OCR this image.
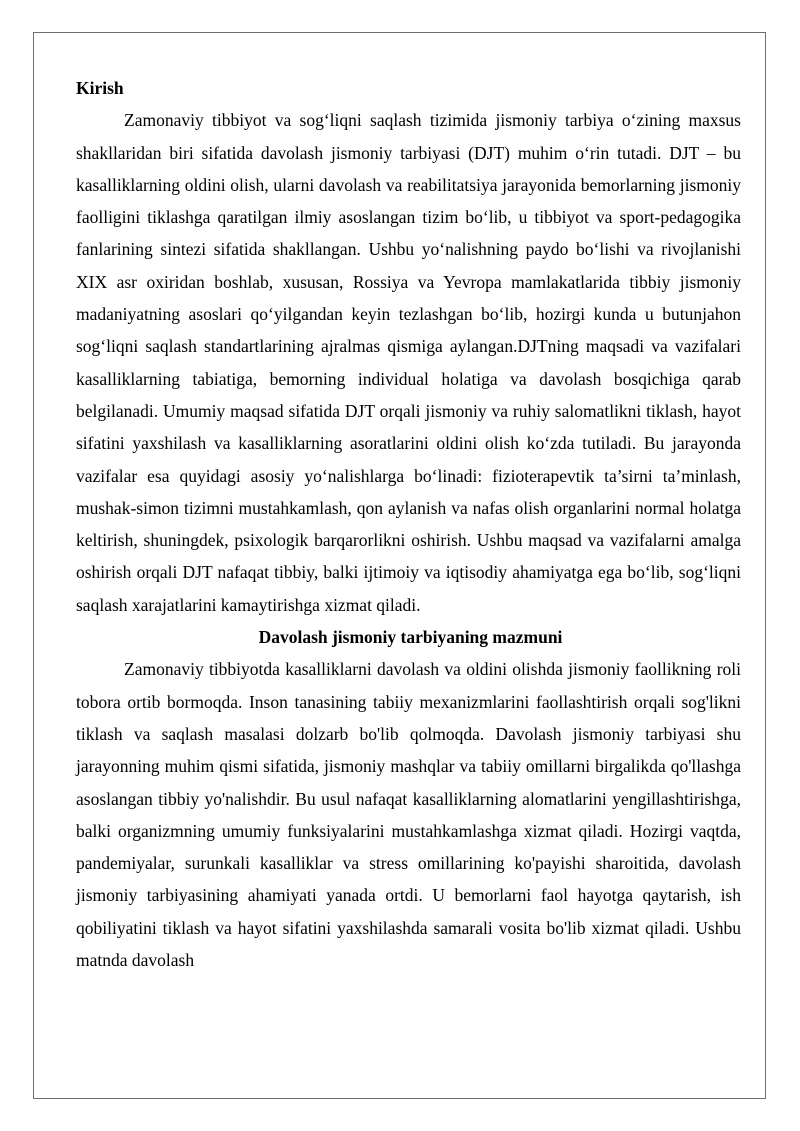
Kirish

Zamonaviy tibbiyot va sog‘liqni saqlash tizimida jismoniy tarbiya o‘zining maxsus shakllaridan biri sifatida davolash jismoniy tarbiyasi (DJT) muhim o‘rin tutadi. DJT – bu kasalliklarning oldini olish, ularni davolash va reabilitatsiya jarayonida bemorlarning jismoniy faolligini tiklashga qaratilgan ilmiy asoslangan tizim bo‘lib, u tibbiyot va sport-pedagogika fanlarining sintezi sifatida shakllangan. Ushbu yo‘nalishning paydo bo‘lishi va rivojlanishi XIX asr oxiridan boshlab, xususan, Rossiya va Yevropa mamlakatlarida tibbiy jismoniy madaniyatning asoslari qo‘yilgandan keyin tezlashgan bo‘lib, hozirgi kunda u butunjahon sog‘liqni saqlash standartlarining ajralmas qismiga aylangan.DJTning maqsadi va vazifalari kasalliklarning tabiatiga, bemorning individual holatiga va davolash bosqichiga qarab belgilanadi. Umumiy maqsad sifatida DJT orqali jismoniy va ruhiy salomatlikni tiklash, hayot sifatini yaxshilash va kasalliklarning asoratlarini oldini olish ko‘zda tutiladi. Bu jarayonda vazifalar esa quyidagi asosiy yo‘nalishlarga bo‘linadi: fizioterapevtik ta’sirni ta’minlash, mushak-simon tizimni mustahkamlash, qon aylanish va nafas olish organlarini normal holatga keltirish, shuningdek, psixologik barqarorlikni oshirish. Ushbu maqsad va vazifalarni amalga oshirish orqali DJT nafaqat tibbiy, balki ijtimoiy va iqtisodiy ahamiyatga ega bo‘lib, sog‘liqni saqlash xarajatlarini kamaytirishga xizmat qiladi.

Davolash jismoniy tarbiyaning mazmuni

Zamonaviy tibbiyotda kasalliklarni davolash va oldini olishda jismoniy faollikning roli tobora ortib bormoqda. Inson tanasining tabiiy mexanizmlarini faollashtirish orqali sog'likni tiklash va saqlash masalasi dolzarb bo'lib qolmoqda. Davolash jismoniy tarbiyasi shu jarayonning muhim qismi sifatida, jismoniy mashqlar va tabiiy omillarni birgalikda qo'llashga asoslangan tibbiy yo'nalishdir. Bu usul nafaqat kasalliklarning alomatlarini yengillashtirishga, balki organizmning umumiy funksiyalarini mustahkamlashga xizmat qiladi. Hozirgi vaqtda, pandemiyalar, surunkali kasalliklar va stress omillarining ko'payishi sharoitida, davolash jismoniy tarbiyasining ahamiyati yanada ortdi. U bemorlarni faol hayotga qaytarish, ish qobiliyatini tiklash va hayot sifatini yaxshilashda samarali vosita bo'lib xizmat qiladi. Ushbu matnda davolash
